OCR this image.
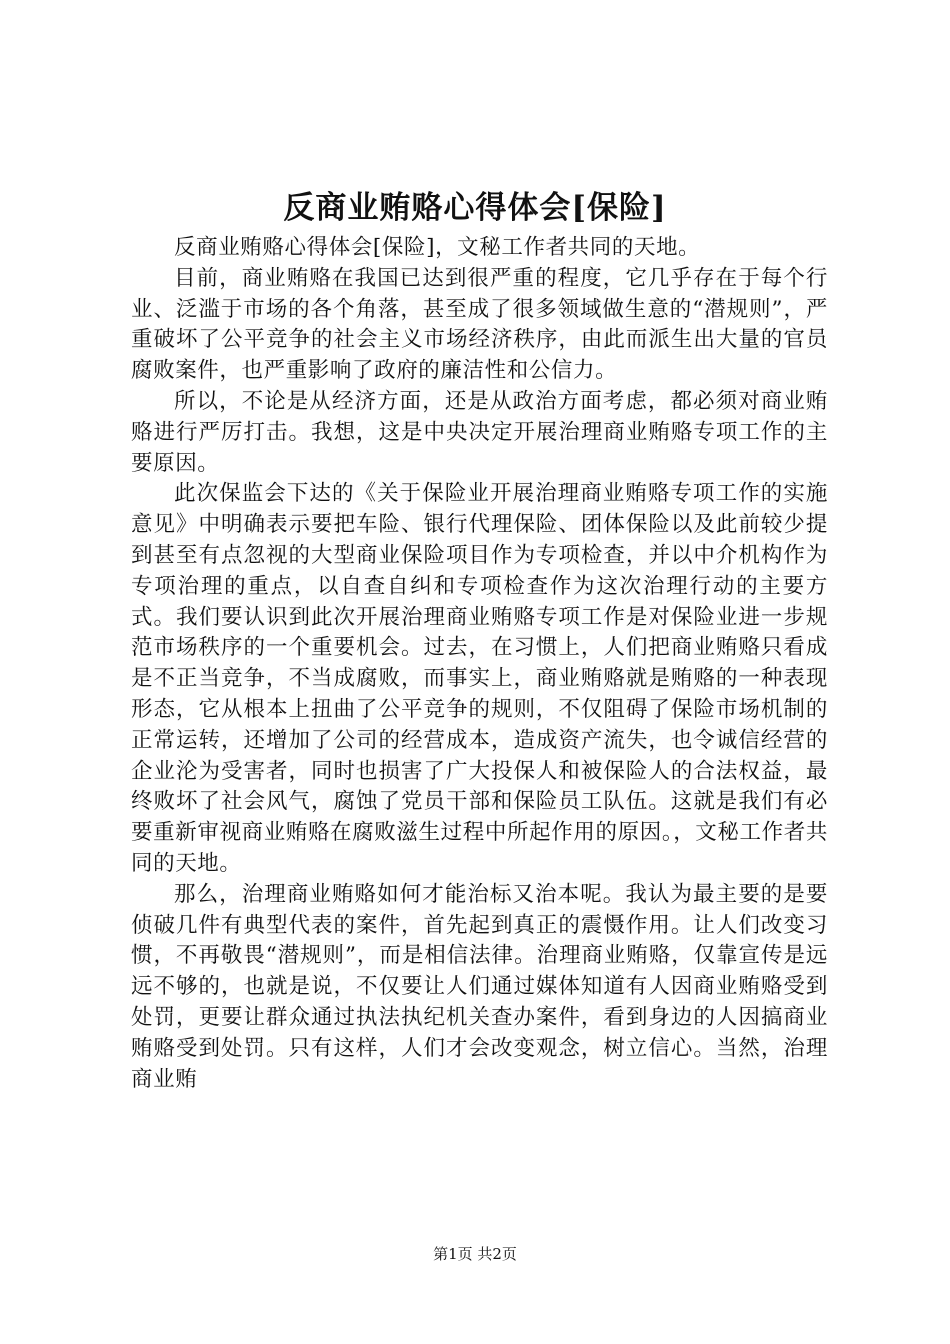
反商业贿赂心得体会[保险]

反商业贿赂心得体会[保险]，文秘工作者共同的天地。

目前，商业贿赂在我国已达到很严重的程度，它几乎存在于每个行业、泛滥于市场的各个角落，甚至成了很多领域做生意的“潜规则”，严重破坏了公平竞争的社会主义市场经济秩序，由此而派生出大量的官员腐败案件，也严重影响了政府的廉洁性和公信力。

所以，不论是从经济方面，还是从政治方面考虑，都必须对商业贿赂进行严厉打击。我想，这是中央决定开展治理商业贿赂专项工作的主要原因。

此次保监会下达的《关于保险业开展治理商业贿赂专项工作的实施意见》中明确表示要把车险、银行代理保险、团体保险以及此前较少提到甚至有点忽视的大型商业保险项目作为专项检查，并以中介机构作为专项治理的重点，以自查自纠和专项检查作为这次治理行动的主要方式。我们要认识到此次开展治理商业贿赂专项工作是对保险业进一步规范市场秩序的一个重要机会。过去，在习惯上，人们把商业贿赂只看成是不正当竞争，不当成腐败，而事实上，商业贿赂就是贿赂的一种表现形态，它从根本上扭曲了公平竞争的规则，不仅阻碍了保险市场机制的正常运转，还增加了公司的经营成本，造成资产流失，也令诚信经营的企业沦为受害者，同时也损害了广大投保人和被保险人的合法权益，最终败坏了社会风气，腐蚀了党员干部和保险员工队伍。这就是我们有必要重新审视商业贿赂在腐败滋生过程中所起作用的原因。，文秘工作者共同的天地。

那么，治理商业贿赂如何才能治标又治本呢。我认为最主要的是要侦破几件有典型代表的案件，首先起到真正的震慑作用。让人们改变习惯，不再敬畏“潜规则”，而是相信法律。治理商业贿赂，仅靠宣传是远远不够的，也就是说，不仅要让人们通过媒体知道有人因商业贿赂受到处罚，更要让群众通过执法执纪机关查办案件，看到身边的人因搞商业贿赂受到处罚。只有这样，人们才会改变观念，树立信心。当然，治理商业贿

第1页 共2页
